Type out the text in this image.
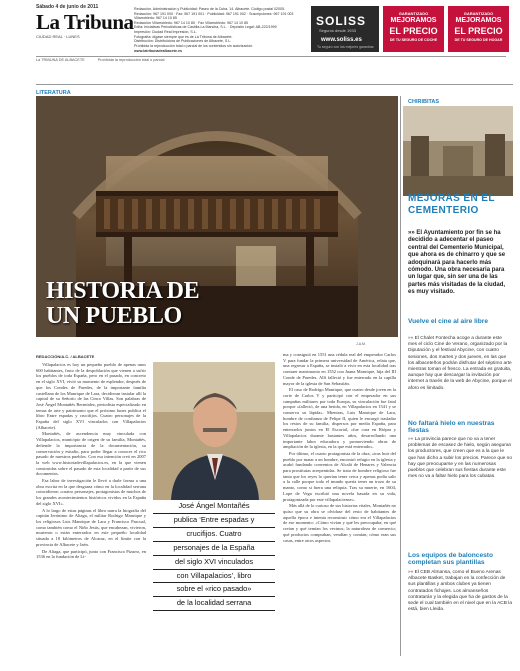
Sábado 4 de junio de 2011
La Tribuna
CIUDAD REAL · LUNES
Redacción, Administración y Publicidad: Paseo de la Cuba, 14. Albacete. Código postal 02005.
Redacción: 967 191 000 · Fax: 967 191 001 · Publicidad: 967 191 002 · Suscripciones: 967 191 003
Villarrobledo: 967 14 10 85
Redacción Villarrobledo: 967 14 10 85 · Fax Villarrobledo: 967 14 10 85
Edita: Iniciativas Periodísticas de Castilla-La Mancha, S.L. · Depósito Legal: AB-222/1999
Impresión: Ciudad Real Impresión, S.L.
Fotografía: dígase siempre que es de La Tribuna de Albacete.
Distribución: Distribuidora de Publicaciones de Albacete, S.L.
Prohibida la reproducción total o parcial de los contenidos sin autorización.
www.latribunadealbacete.es
SOLISS
Seguros desde 1933
www.soliss.es
Tu seguro con las mejores garantías
GARANTIZADO
MEJORAMOS
EL PRECIO
DE TU SEGURO DE COCHE
GARANTIZADO
MEJORAMOS
EL PRECIO
DE TU SEGURO DE HOGAR
La TRIBUNA DE ALBACETE	Prohibida la reproducción total o parcial
LITERATURA
HISTORIA DE
UN PUEBLO
J.A.M.
CHIRIBITAS
MEJORAS EN EL CEMENTERIO
»» El Ayuntamiento por fin se ha decidido a adecentar el paseo central del Cementerio Municipal, que ahora es de chinarro y que se adoquinará para hacerlo más cómodo. Una obra necesaria para un lugar que, sin ser una de las partes más visitadas de la ciudad, es muy visitado.
Vuelve el cine al aire libre
»» El Chalet Fontecha acoge a durante este mes el ciclo Cine de Verano, organizado por la Diputación y el festival Abycine, con cuatro sesiones, dos martes y dos jueves, en las que los albaceteños podrán disfrutar del séptimo arte mientras toman el fresco. La entrada es gratuita, aunque hay que descargar la invitación por internet a través de la web de Abycine, porque el aforo es limitado.
No faltará hielo en nuestras fiestas
»» La provincia parece que no va a tener problemas de escasez de hielo, según aseguran los productores, que creen que es a la que le que han dicho a subir los precios. Parece que no hay que preocuparse y en las numerosas pueblos que celebran sus fiestas durante este mes no va a faltar hielo para los cubatas.
Los equipos de baloncesto completan sus plantillas
»» El CEB Almansa, como el Bueno Arenas Albacete Basket, trabajan en la confección de sus plantillas y ambos clubes ya tienen contratados fichajes. Los almanseños contratarán y la elegida que ha de gastos de la sede el cual también en el nivel que en la ACB la está, bien Lleida.
REDACCIÓN/A.C. / ALBACETE

Villapalacios es hoy un pequeño pueblo de apenas unos 600 habitantes, fruto de la despoblación que vienen a sufrir los pueblos de toda España, pero en el pasado, en concreto en el siglo XVI, vivió su momento de esplendor, después de que los Condes de Paredes, de la importante familia castellana de los Manrique de Lara, decidieran instalar allí la capital de su Señorío de las Cinco Villas. Son palabras de José Ángel Montañés Bermúdez, periodista especializado en temas de arte y patrimonio que el próximo lunes publica el libro Entre espadas y crucifijos. Cuatro personajes de la España del siglo XVI vinculados con Villapalacios (Albacete).

Montañés, de ascendencia muy vinculada con Villapalacios, municipio de origen de su familia, Montañés, defiende la importancia de la documentación, su conservación y estudio, para poder llegar a conocer el rico pasado de nuestros pueblos. Con esa intención creó en 2007 la web www.historiadevillapalacios.es, en la que vienen construidas sobre el pasado de esta localidad a partir de sus documentos.

Esa labor de investigación le llevó a darle forma a una obra escrita en la que desgrana cómo en la localidad serrana coincidieron «cuatro personajes, protagonistas de muchos de los grandes acontecimientos históricos vividos en la España del siglo XVI».

A lo largo de estas páginas el libro narra la biografía del capitán Jerónimo de Aliaga, el militar Rodrigo Manrique y los religiosos Luis Manrique de Lara y Francisco Pascual, como también como el Niño Jesús, que encabezan, vivieron, murieron o están enterrados en este pequeño localidad situada a 18 kilómetros de Alcaraz, en el límite con la provincia de Albacete y Jaén.

De Aliaga, que participó, junto con Francisco Pizarro, en 1536 en la fundación de Li-

José Ángel Montañés
publica ‘Entre espadas y
crucifijos. Cuatro
personajes de la España
del siglo XVI vinculados
con Villapalacios’, libro
sobre el «rico pasado»
de la localidad serrana

ma y consiguió en 1551 una cédula real del emperador Carlos V para fundar la primera universidad de América, relata que, una regresar a España, se instaló a vivir en esta localidad tras contraer matrimonio en 1552 con Juana Manrique, hija del III Conde de Paredes. Allí falleció y fue enterrado en la capilla mayor de la iglesia de San Sebastián.

El caso de Rodrigo Manrique, que cuatro desde joven en la corte de Carlos V y participó con el emperador en sus campañas militares por toda Europa, su vinculación fue fatal porque «falleció, de una herida, en Villapalacios en 1541 y se conserva su lápida». Mientras, Luis Manrique de Lara, hombre de confianza de Felipe II, quien le encargó trasladar los restos de su familia, dispersos por media España, para enterrarlos juntos en El Escorial, «fue cura en Riópar y Villapalacios durante bastantes años, desarrollando una importante labor educadora y promoviendo obras de ampliación de la iglesia, en la que está enterrado».

Por último, el cuarto protagonista de la obra, «tras huir del pueblo por matar a un hombre, encontró refugio en la iglesia y acabó fundando conventos de Alcalá de Henares y Valencia para prostitutas arrepentidas. Se trata de hombre religioso fue tanta que los reyes lo querían tener cerca y apenas podía salir a la calle porque todo el mundo quería tener un trozo de su manto, como si fuera una reliquia. Tras su muerte, en 1604, Lope de Vega escribió una novela basada en su vida, protagonizada por este villapalaciense».

Más allá de lo curioso de sus historias vitales, Montañés no quiso que su obra se olvidase del resto de habitantes de aquella época e intenta reconstruir cómo era el Villapalacios de ese momento: «Cómo vivían y qué les preocupaba; en qué creían y qué temían los vecinos; la naturaleza de comercio; qué productos compraban, vendían y comían; cómo eran sus casas, entre otros aspectos.
